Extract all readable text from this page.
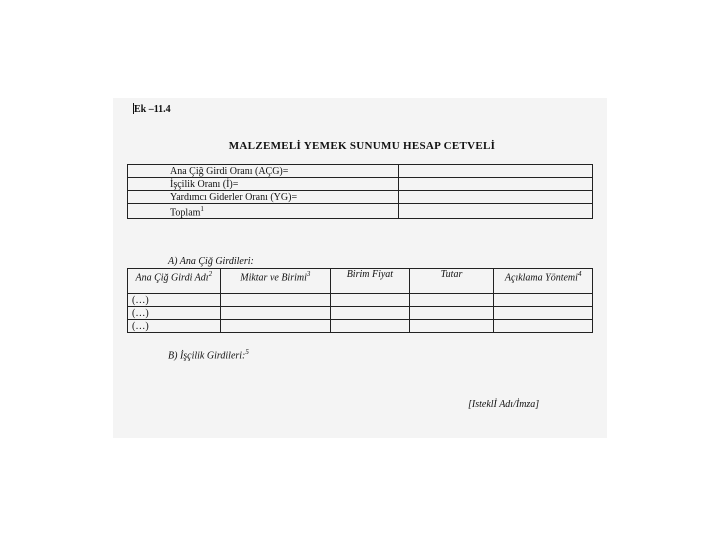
Ek –11.4
MALZEMELİ YEMEK SUNUMU HESAP CETVELİ
Ana Çiğ Girdi Oranı (AÇG)=	
İşçilik Oranı (İ)=	
Yardımcı Giderler Oranı (YG)=	
Toplam$^1$	
A) Ana Çiğ Girdileri:
Ana Çiğ Girdi Adı$^2$	Miktar ve Birimi$^3$	Birim Fiyat	Tutar	Açıklama Yöntemi$^4$
(…)				
(…)				
(…)				
B) İşçilik Girdileri:$^5$
[Isteklİ Adı/İmza]
